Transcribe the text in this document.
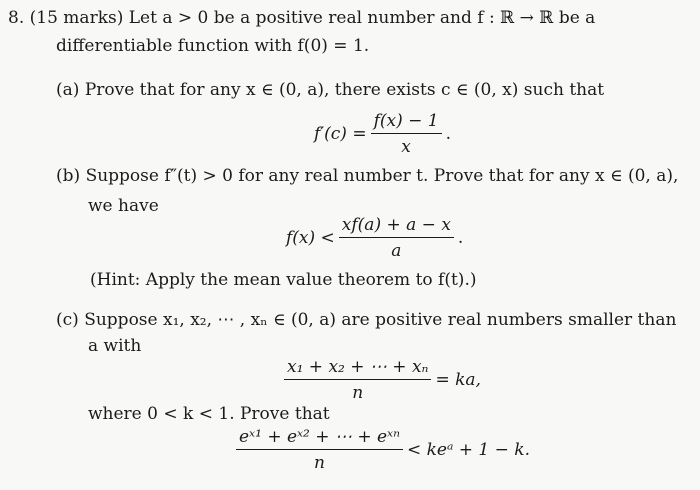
8. (15 marks) Let a > 0 be a positive real number and f : ℝ → ℝ be a
differentiable function with f(0) = 1.
(a) Prove that for any x ∈ (0, a), there exists c ∈ (0, x) such that
$f'(c) = \frac{f(x) - 1}{x}$ .
(b) Suppose f″(t) > 0 for any real number t. Prove that for any x ∈ (0, a),
we have
$f(x) < \frac{xf(a) + a - x}{a}$ .
(Hint: Apply the mean value theorem to f(t).)
(c) Suppose x₁, x₂, ⋯ , xₙ ∈ (0, a) are positive real numbers smaller than
a with
$\frac{\text{x₁ + x₂ + ⋯ + xₙ}}{n}$ = ka,
where 0 < k < 1. Prove that
$\frac{\text{eˣ¹ + eˣ² + ⋯ + eˣⁿ}}{n}$ < keᵃ + 1 − k.
